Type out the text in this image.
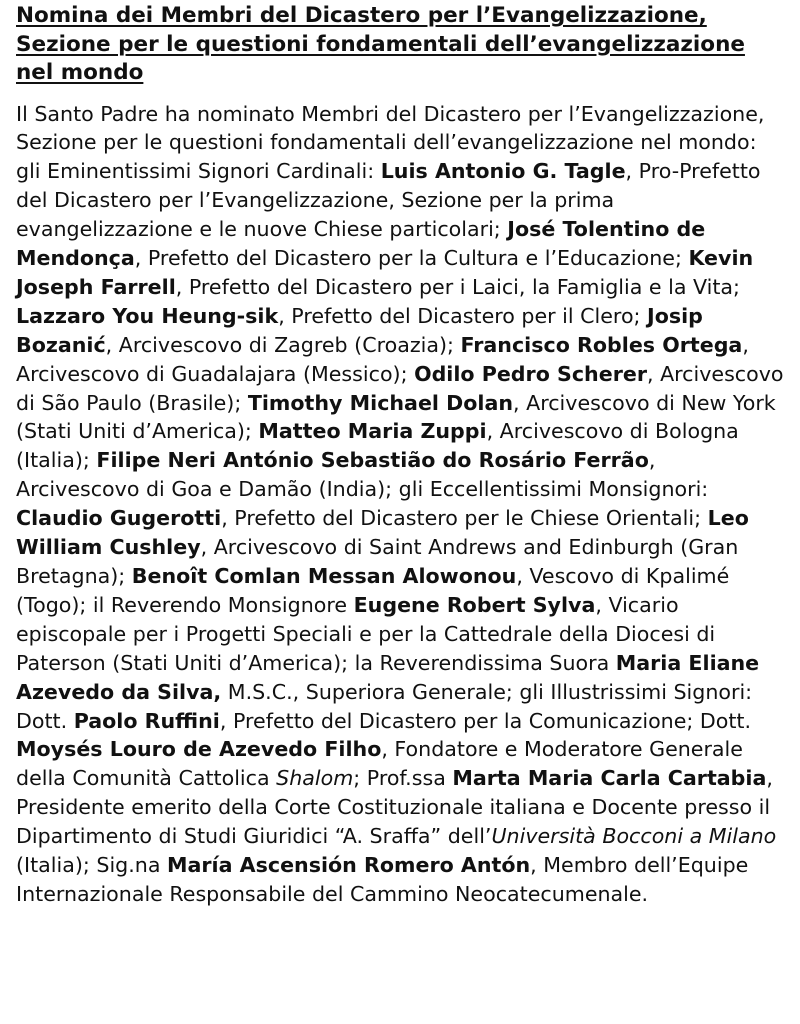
Nomina dei Membri del Dicastero per l’Evangelizzazione,
Sezione per le questioni fondamentali dell’evangelizzazione
nel mondo

Il Santo Padre ha nominato Membri del Dicastero per l’Evangelizzazione, Sezione per le questioni fondamentali dell’evangelizzazione nel mondo: gli Eminentissimi Signori Cardinali: Luis Antonio G. Tagle, Pro-Prefetto del Dicastero per l’Evangelizzazione, Sezione per la prima evangelizzazione e le nuove Chiese particolari; José Tolentino de Mendonça, Prefetto del Dicastero per la Cultura e l’Educazione; Kevin Joseph Farrell, Prefetto del Dicastero per i Laici, la Famiglia e la Vita; Lazzaro You Heung-sik, Prefetto del Dicastero per il Clero; Josip Bozanić, Arcivescovo di Zagreb (Croazia); Francisco Robles Ortega, Arcivescovo di Guadalajara (Messico); Odilo Pedro Scherer, Arcivescovo di São Paulo (Brasile); Timothy Michael Dolan, Arcivescovo di New York (Stati Uniti d’America); Matteo Maria Zuppi, Arcivescovo di Bologna (Italia); Filipe Neri António Sebastião do Rosário Ferrão, Arcivescovo di Goa e Damão (India); gli Eccellentissimi Monsignori: Claudio Gugerotti, Prefetto del Dicastero per le Chiese Orientali; Leo William Cushley, Arcivescovo di Saint Andrews and Edinburgh (Gran Bretagna); Benoît Comlan Messan Alowonou, Vescovo di Kpalimé (Togo); il Reverendo Monsignore Eugene Robert Sylva, Vicario episcopale per i Progetti Speciali e per la Cattedrale della Diocesi di Paterson (Stati Uniti d’America); la Reverendissima Suora Maria Eliane Azevedo da Silva, M.S.C., Superiora Generale; gli Illustrissimi Signori: Dott. Paolo Ruffini, Prefetto del Dicastero per la Comunicazione; Dott. Moysés Louro de Azevedo Filho, Fondatore e Moderatore Generale della Comunità Cattolica Shalom; Prof.ssa Marta Maria Carla Cartabia, Presidente emerito della Corte Costituzionale italiana e Docente presso il Dipartimento di Studi Giuridici “A. Sraffa” dell’Università Bocconi a Milano (Italia); Sig.na María Ascensión Romero Antón, Membro dell’Equipe Internazionale Responsabile del Cammino Neocatecumenale.
